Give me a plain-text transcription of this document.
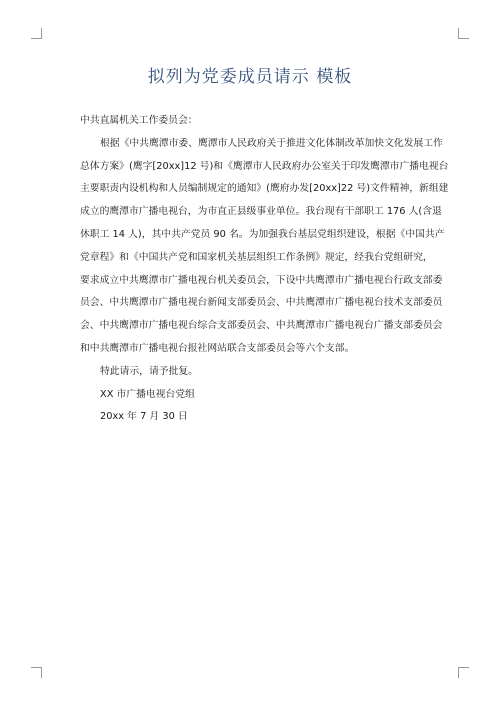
拟列为党委成员请示 模板
中共直属机关工作委员会：
根据《中共鹰潭市委、鹰潭市人民政府关于推进文化体制改革加快文化发展工作
总体方案》(鹰字[20xx]12 号)和《鹰潭市人民政府办公室关于印发鹰潭市广播电视台
主要职责内设机构和人员编制规定的通知》(鹰府办发[20xx]22 号)文件精神，新组建
成立的鹰潭市广播电视台，为市直正县级事业单位。我台现有干部职工 176 人(含退
休职工 14 人)，其中共产党员 90 名。为加强我台基层党组织建设，根据《中国共产
党章程》和《中国共产党和国家机关基层组织工作条例》规定，经我台党组研究，
要求成立中共鹰潭市广播电视台机关委员会，下设中共鹰潭市广播电视台行政支部委
员会、中共鹰潭市广播电视台新闻支部委员会、中共鹰潭市广播电视台技术支部委员
会、中共鹰潭市广播电视台综合支部委员会、中共鹰潭市广播电视台广播支部委员会
和中共鹰潭市广播电视台报社网站联合支部委员会等六个支部。
特此请示，请予批复。
XX 市广播电视台党组
20xx 年 7 月 30 日
